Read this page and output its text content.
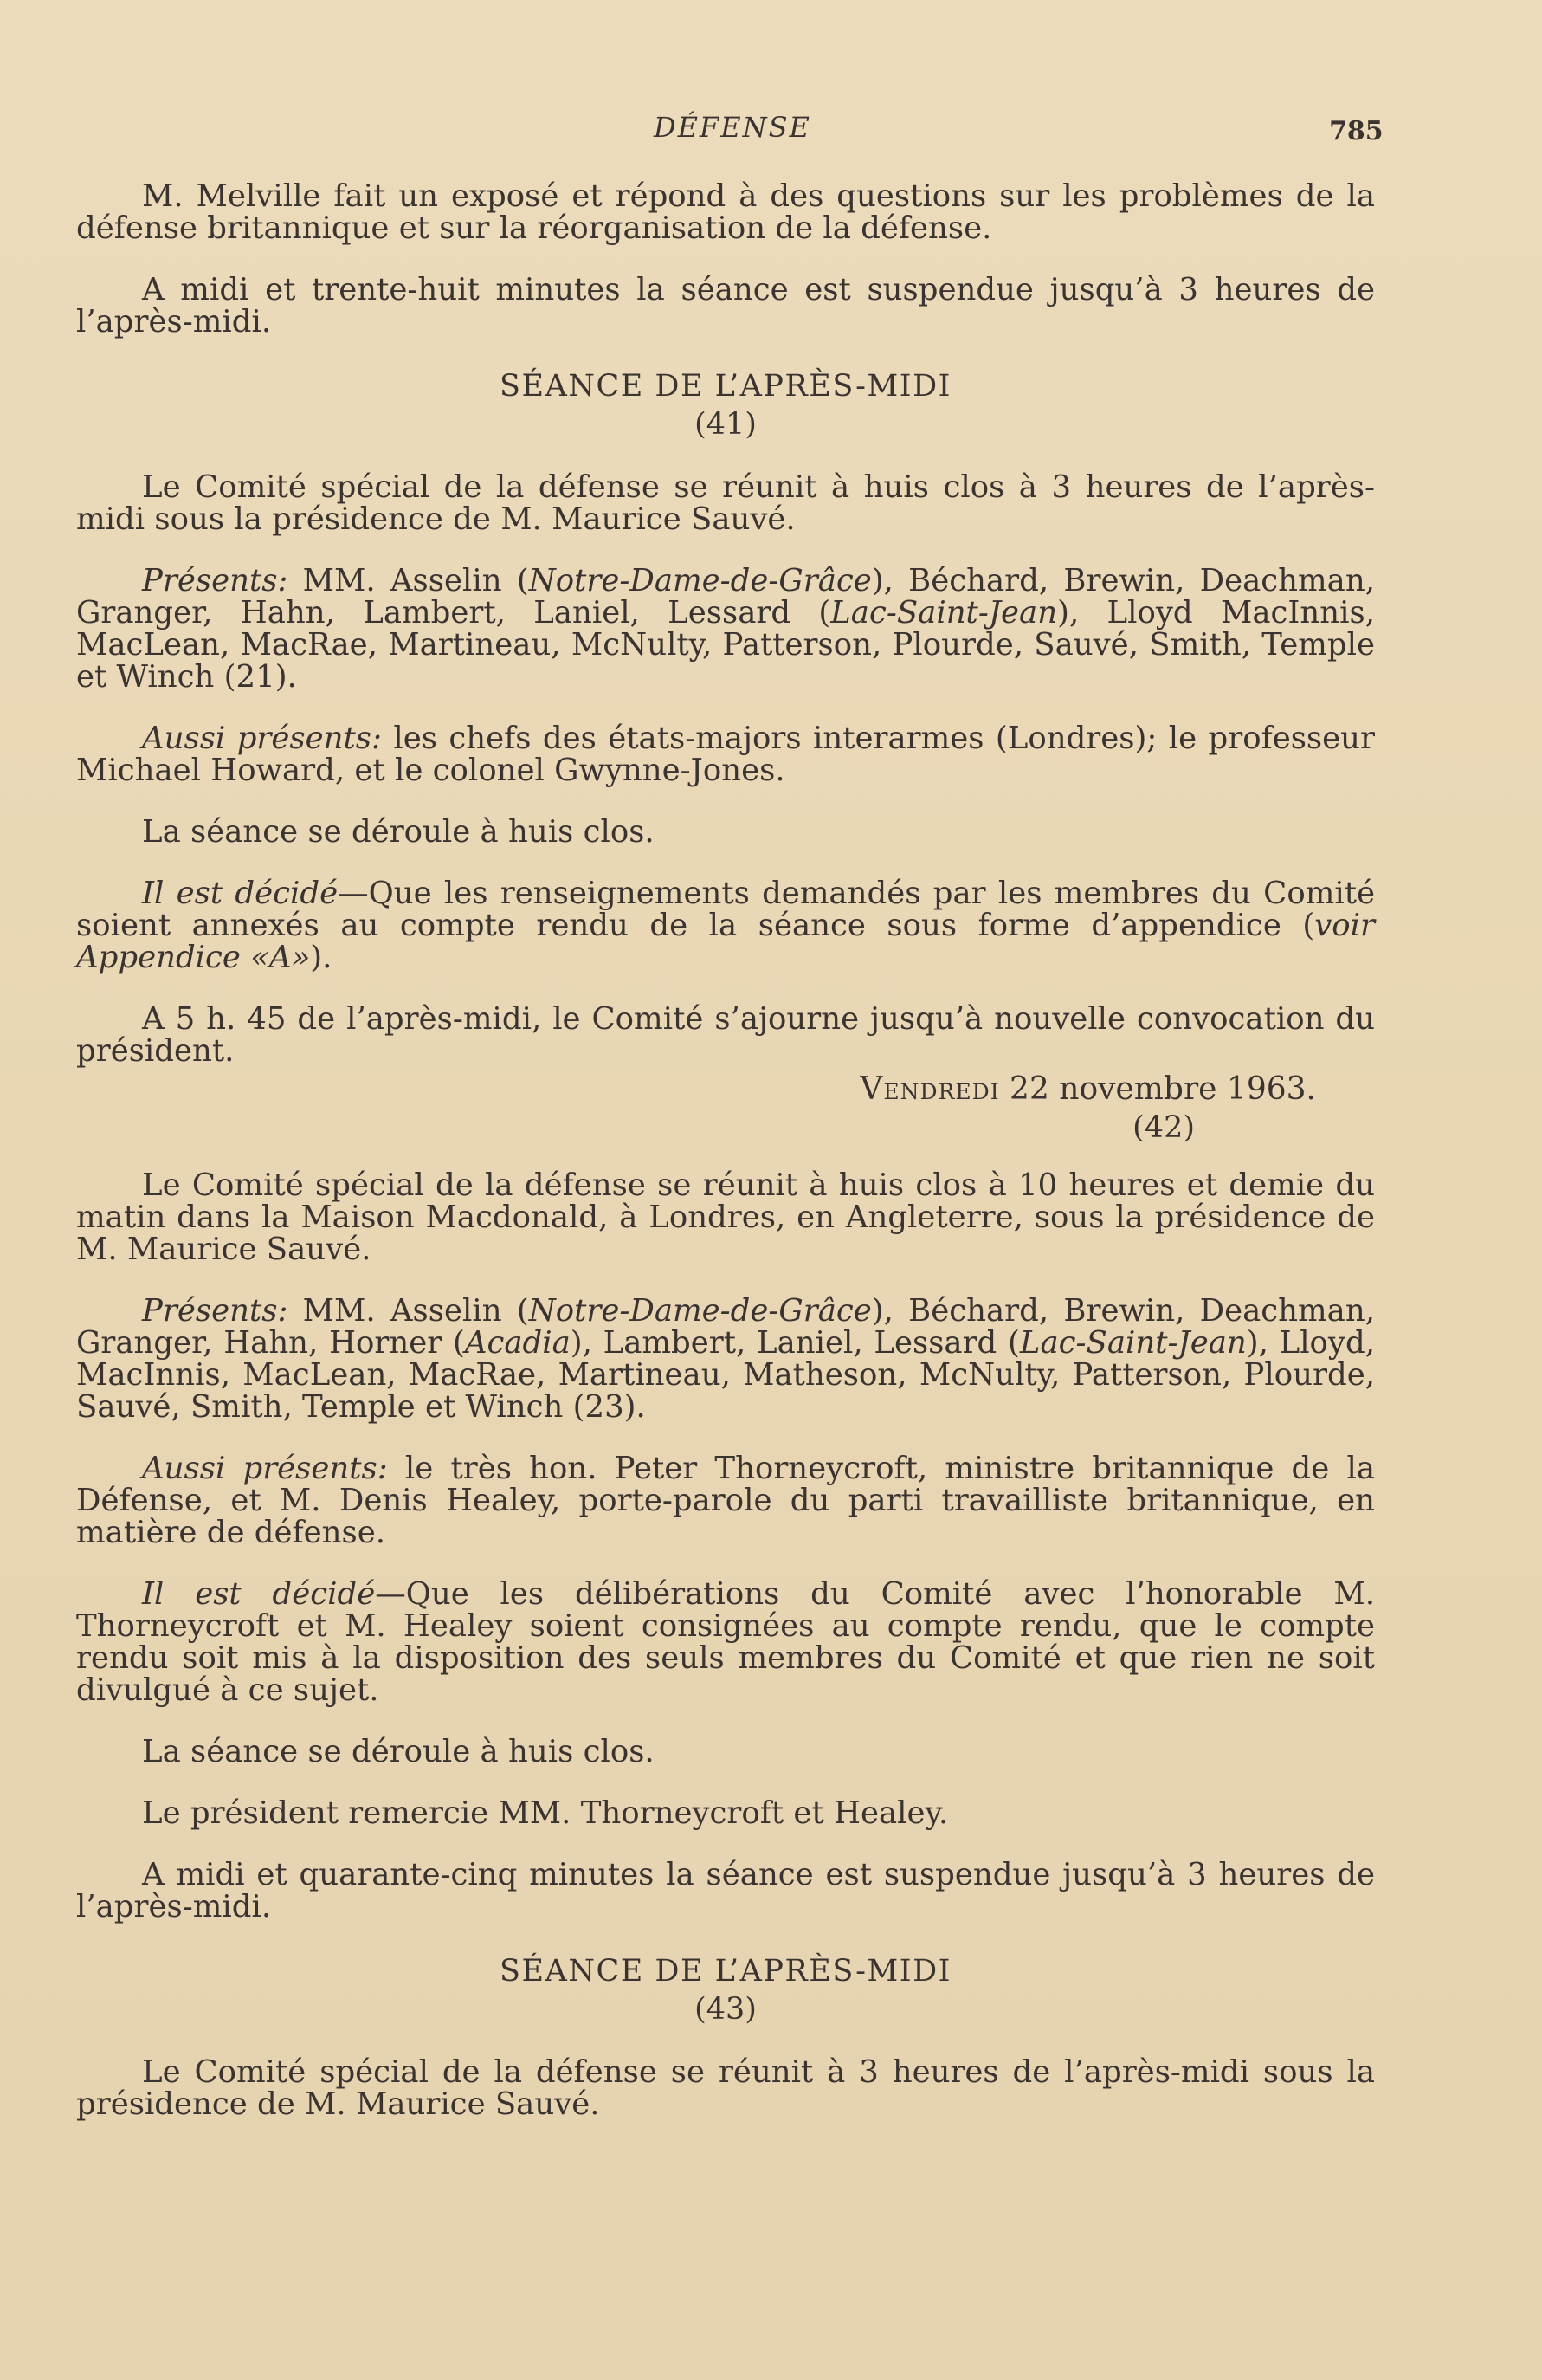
DÉFENSE	785

M. Melville fait un exposé et répond à des questions sur les problèmes de la défense britannique et sur la réorganisation de la défense.

A midi et trente-huit minutes la séance est suspendue jusqu’à 3 heures de l’après-midi.

SÉANCE DE L’APRÈS-MIDI
(41)

Le Comité spécial de la défense se réunit à huis clos à 3 heures de l’après-midi sous la présidence de M. Maurice Sauvé.

Présents: MM. Asselin (Notre-Dame-de-Grâce), Béchard, Brewin, Deachman, Granger, Hahn, Lambert, Laniel, Lessard (Lac-Saint-Jean), Lloyd MacInnis, MacLean, MacRae, Martineau, McNulty, Patterson, Plourde, Sauvé, Smith, Temple et Winch (21).

Aussi présents: les chefs des états-majors interarmes (Londres); le professeur Michael Howard, et le colonel Gwynne-Jones.

La séance se déroule à huis clos.

Il est décidé—Que les renseignements demandés par les membres du Comité soient annexés au compte rendu de la séance sous forme d’appendice (voir Appendice «A»).

A 5 h. 45 de l’après-midi, le Comité s’ajourne jusqu’à nouvelle convocation du président.

Vendredi 22 novembre 1963.
(42)

Le Comité spécial de la défense se réunit à huis clos à 10 heures et demie du matin dans la Maison Macdonald, à Londres, en Angleterre, sous la présidence de M. Maurice Sauvé.

Présents: MM. Asselin (Notre-Dame-de-Grâce), Béchard, Brewin, Deachman, Granger, Hahn, Horner (Acadia), Lambert, Laniel, Lessard (Lac-Saint-Jean), Lloyd, MacInnis, MacLean, MacRae, Martineau, Matheson, McNulty, Patterson, Plourde, Sauvé, Smith, Temple et Winch (23).

Aussi présents: le très hon. Peter Thorneycroft, ministre britannique de la Défense, et M. Denis Healey, porte-parole du parti travailliste britannique, en matière de défense.

Il est décidé—Que les délibérations du Comité avec l’honorable M. Thorneycroft et M. Healey soient consignées au compte rendu, que le compte rendu soit mis à la disposition des seuls membres du Comité et que rien ne soit divulgué à ce sujet.

La séance se déroule à huis clos.

Le président remercie MM. Thorneycroft et Healey.

A midi et quarante-cinq minutes la séance est suspendue jusqu’à 3 heures de l’après-midi.

SÉANCE DE L’APRÈS-MIDI
(43)

Le Comité spécial de la défense se réunit à 3 heures de l’après-midi sous la présidence de M. Maurice Sauvé.
